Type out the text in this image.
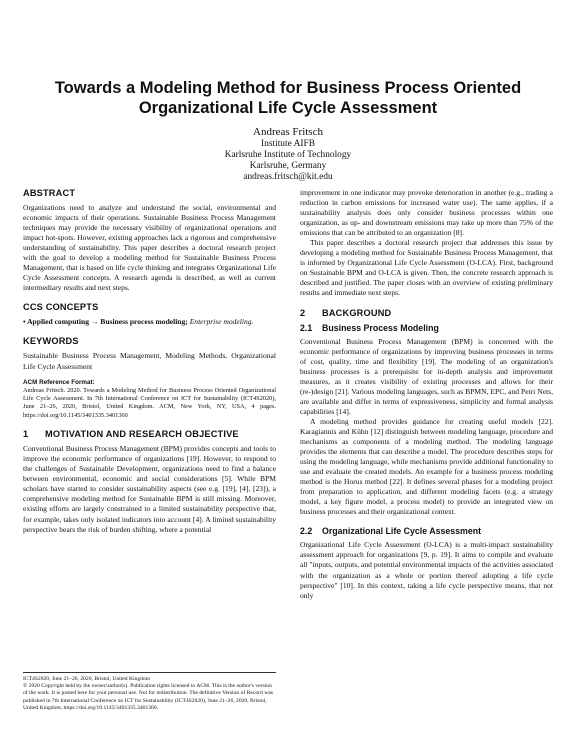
Towards a Modeling Method for Business Process Oriented Organizational Life Cycle Assessment
Andreas Fritsch
Institute AIFB
Karlsruhe Institute of Technology
Karlsruhe, Germany
andreas.fritsch@kit.edu
ABSTRACT

Organizations need to analyze and understand the social, environmental and economic impacts of their operations. Sustainable Business Process Management techniques may provide the necessary visibility of organizational operations and impact hot-spots. However, existing approaches lack a rigorous and comprehensive understanding of sustainability. This paper describes a doctoral research project with the goal to develop a modeling method for Sustainable Business Process Management, that is based on life cycle thinking and integrates Organizational Life Cycle Assessment concepts. A research agenda is described, as well as current intermediary results and next steps.

CCS CONCEPTS

• Applied computing → Business process modeling; Enterprise modeling.

KEYWORDS

Sustainable Business Process Management, Modeling Methods, Organizational Life Cycle Assessment

ACM Reference Format:

Andreas Fritsch. 2020. Towards a Modeling Method for Business Process Oriented Organizational Life Cycle Assessment. In 7th International Conference on ICT for Sustainability (ICT4S2020), June 21–26, 2020, Bristol, United Kingdom. ACM, New York, NY, USA, 4 pages. https://doi.org/10.1145/3401335.3401360

1 MOTIVATION AND RESEARCH OBJECTIVE

Conventional Business Process Management (BPM) provides concepts and tools to improve the economic performance of organizations [19]. However, to respond to the challenges of Sustainable Development, organizations need to find a balance between environmental, economic and social considerations [5]. While BPM scholars have started to consider sustainability aspects (see e.g. [19], [4], [23]), a comprehensive modeling method for Sustainable BPM is still missing. Moreover, existing efforts are largely constrained to a limited sustainability perspective that, for example, takes only isolated indicators into account [4]. A limited sustainability perspective bears the risk of burden shifting, where a potential

ICT4S2020, June 21–26, 2020, Bristol, United Kingdom
© 2020 Copyright held by the owner/author(s). Publication rights licensed to ACM. This is the author's version of the work. It is posted here for your personal use. Not for redistribution. The definitive Version of Record was published in 7th International Conference on ICT for Sustainability (ICT4S2020), June 21–26, 2020, Bristol, United Kingdom, https://doi.org/10.1145/3401335.3401360.

improvement in one indicator may provoke deterioration in another (e.g., trading a reduction in carbon emissions for increased water use). The same applies, if a sustainability analysis does only consider business processes within one organization, as up- and downstream emissions may take up more than 75% of the emissions that can be attributed to an organization [8].

This paper describes a doctoral research project that addresses this issue by developing a modeling method for Sustainable Business Process Management, that is informed by Organizational Life Cycle Assessment (O-LCA). First, background on Sustainable BPM and O-LCA is given. Then, the concrete research approach is described and justified. The paper closes with an overview of existing preliminary results and immediate next steps.

2 BACKGROUND
2.1 Business Process Modeling

Conventional Business Process Management (BPM) is concerned with the economic performance of organizations by improving business processes in terms of cost, quality, time and flexibility [19]. The modeling of an organization's business processes is a prerequisite for in-depth analysis and improvement measures, as it creates visibility of existing processes and allows for their (re-)design [21]. Various modeling languages, such as BPMN, EPC, and Petri Nets, are available and differ in terms of expressiveness, simplicity and formal analysis capabilities [14].

A modeling method provides guidance for creating useful models [22]. Karagiannis and Kühn [12] distinguish between modeling language, procedure and mechanisms as components of a modeling method. The modeling language provides the elements that can describe a model. The procedure describes steps for using the modeling language, while mechanisms provide additional functionality to use and evaluate the created models. An example for a business process modeling method is the Horus method [22]. It defines several phases for a modeling project from preparation to application, and different modeling facets (e.g. a strategy model, a key figure model, a process model) to provide an integrated view on business processes and their organizational context.

2.2 Organizational Life Cycle Assessment

Organizational Life Cycle Assessment (O-LCA) is a multi-impact sustainability assessment approach for organizations [9, p. 19]. It aims to compile and evaluate all "inputs, outputs, and potential environmental impacts of the activities associated with the organization as a whole or portion thereof adopting a life cycle perspective" [10]. In this context, taking a life cycle perspective means, that not only
